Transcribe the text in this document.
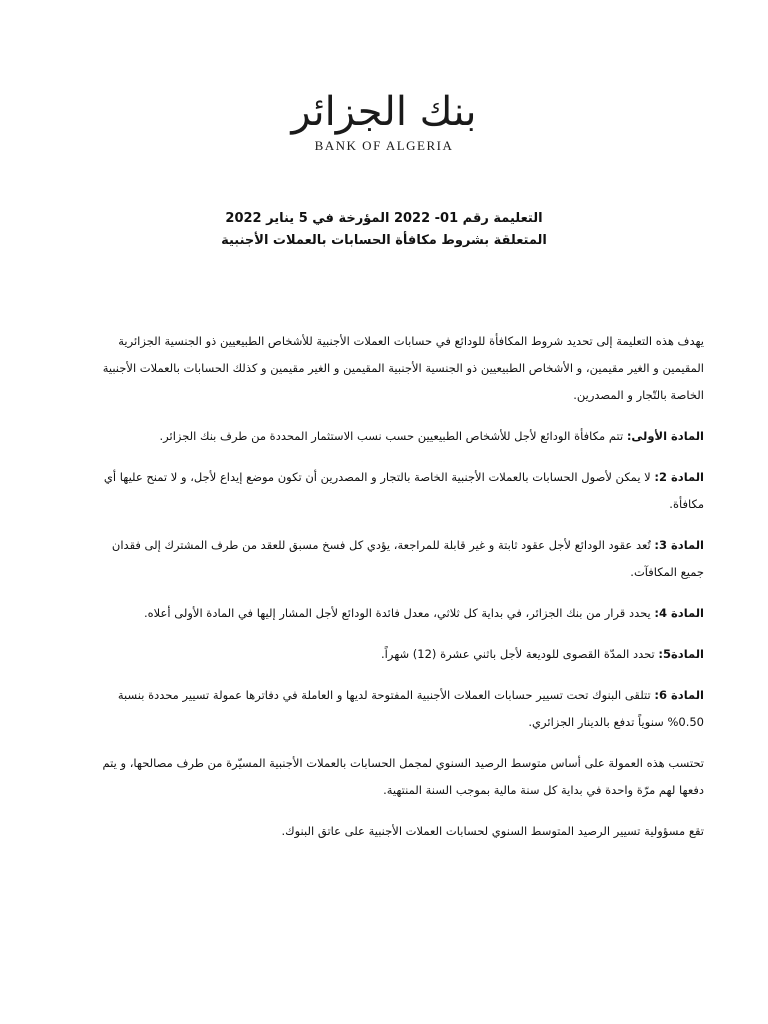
بنك الجزائر
BANK OF ALGERIA
التعليمة رقم 01- 2022 المؤرخة في 5 يناير 2022
المتعلقة بشروط مكافأة الحسابات بالعملات الأجنبية

يهدف هذه التعليمة إلى تحديد شروط المكافأة للودائع في حسابات العملات الأجنبية للأشخاص الطبيعيين ذو الجنسية الجزائرية المقيمين و الغير مقيمين، و الأشخاص الطبيعيين ذو الجنسية الأجنبية المقيمين و الغير مقيمين و كذلك الحسابات بالعملات الأجنبية الخاصة بالتّجار و المصدرين.

المادة الأولى: تتم مكافأة الودائع لأجل للأشخاص الطبيعيين حسب نسب الاستثمار المحددة من طرف بنك الجزائر.

المادة 2: لا يمكن لأصول الحسابات بالعملات الأجنبية الخاصة بالتجار و المصدرين أن تكون موضع إيداع لأجل، و لا تمنح عليها أي مكافأة.

المادة 3: تُعد عقود الودائع لأجل عقود ثابتة و غير قابلة للمراجعة، يؤدي كل فسخ مسبق للعقد من طرف المشترك إلى فقدان جميع المكافآت.

المادة 4: يحدد قرار من بنك الجزائر، في بداية كل ثلاثي، معدل فائدة الودائع لأجل المشار إليها في المادة الأولى أعلاه.

المادة5: تحدد المدّة القصوى للوديعة لأجل باثني عشرة (12) شهراً.

المادة 6: تتلقى البنوك تحت تسيير حسابات العملات الأجنبية المفتوحة لديها و العاملة في دفاترها عمولة تسيير محددة بنسبة 0.50% سنوياً تدفع بالدينار الجزائري.

تحتسب هذه العمولة على أساس متوسط الرصيد السنوي لمجمل الحسابات بالعملات الأجنبية المسيّرة من طرف مصالحها، و يتم دفعها لهم مرّة واحدة في بداية كل سنة مالية بموجب السنة المنتهية.

تقع مسؤولية تسيير الرصيد المتوسط السنوي لحسابات العملات الأجنبية على عاتق البنوك.
